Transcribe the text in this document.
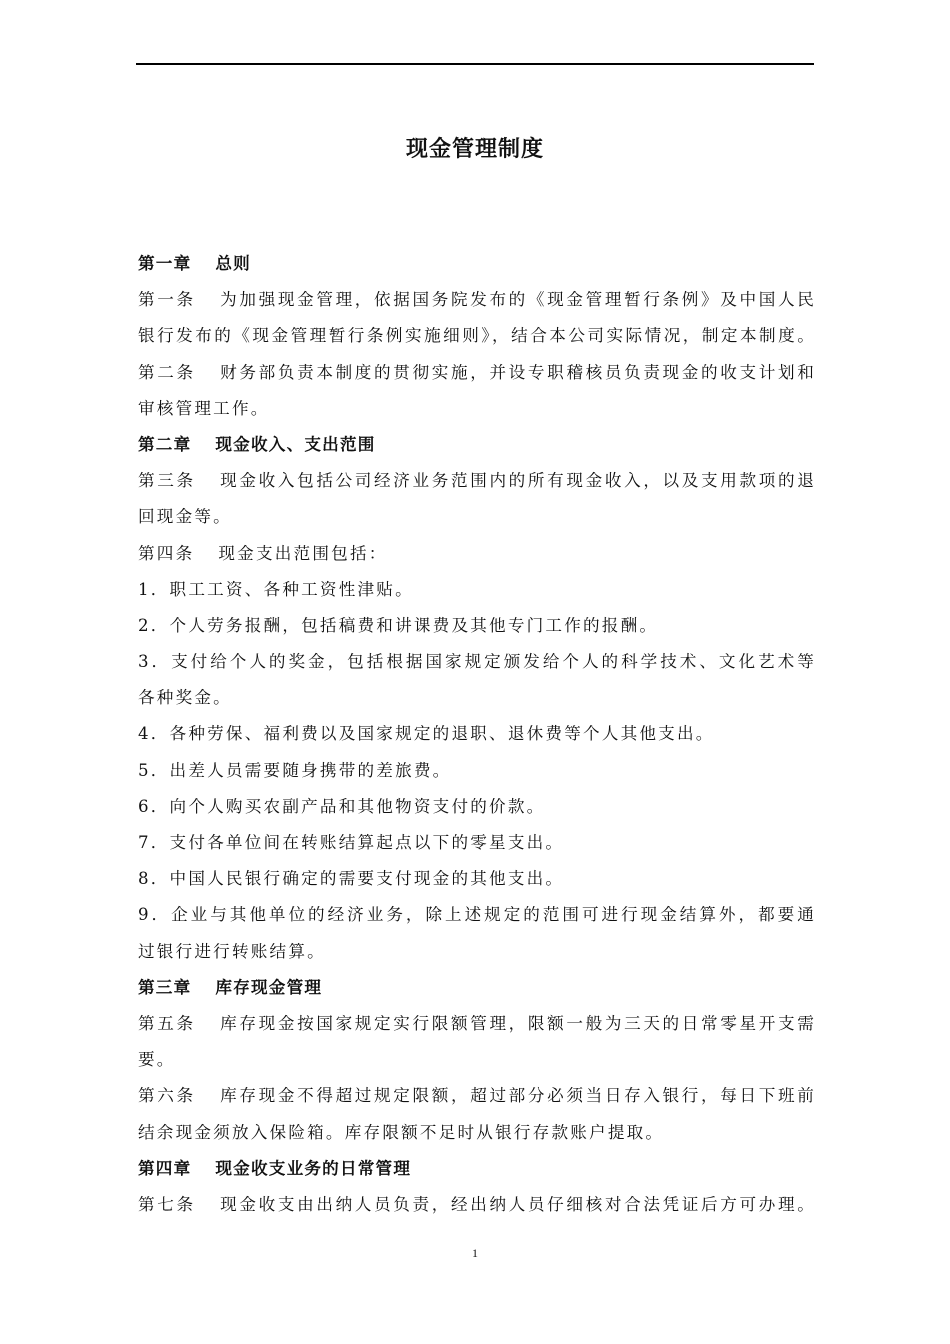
现金管理制度
第一章 总则
第一条 为加强现金管理，依据国务院发布的《现金管理暂行条例》及中国人民
银行发布的《现金管理暂行条例实施细则》，结合本公司实际情况，制定本制度。
第二条 财务部负责本制度的贯彻实施，并设专职稽核员负责现金的收支计划和
审核管理工作。
第二章 现金收入、支出范围
第三条 现金收入包括公司经济业务范围内的所有现金收入，以及支用款项的退
回现金等。
第四条 现金支出范围包括：
1．职工工资、各种工资性津贴。
2．个人劳务报酬，包括稿费和讲课费及其他专门工作的报酬。
3．支付给个人的奖金，包括根据国家规定颁发给个人的科学技术、文化艺术等
各种奖金。
4．各种劳保、福利费以及国家规定的退职、退休费等个人其他支出。
5．出差人员需要随身携带的差旅费。
6．向个人购买农副产品和其他物资支付的价款。
7．支付各单位间在转账结算起点以下的零星支出。
8．中国人民银行确定的需要支付现金的其他支出。
9．企业与其他单位的经济业务，除上述规定的范围可进行现金结算外，都要通
过银行进行转账结算。
第三章 库存现金管理
第五条 库存现金按国家规定实行限额管理，限额一般为三天的日常零星开支需
要。
第六条 库存现金不得超过规定限额，超过部分必须当日存入银行，每日下班前
结余现金须放入保险箱。库存限额不足时从银行存款账户提取。
第四章 现金收支业务的日常管理
第七条 现金收支由出纳人员负责，经出纳人员仔细核对合法凭证后方可办理。
1
